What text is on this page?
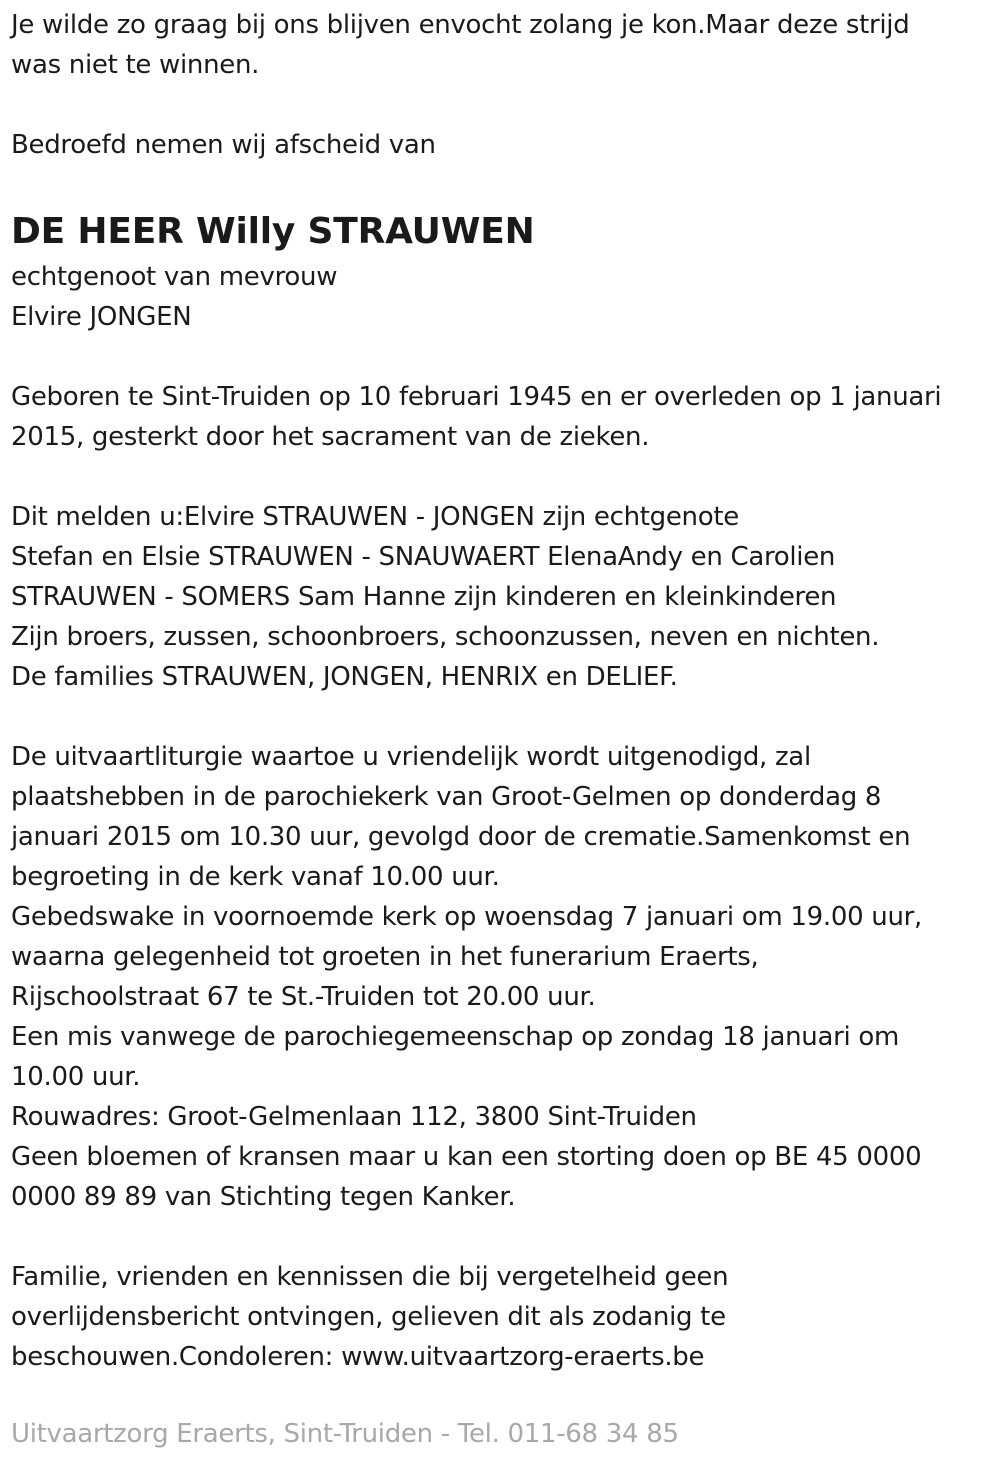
Je wilde zo graag bij ons blijven envocht zolang je kon.Maar deze strijd
was niet te winnen.
Bedroefd nemen wij afscheid van
DE HEER Willy STRAUWEN
echtgenoot van mevrouw
Elvire JONGEN
Geboren te Sint-Truiden op 10 februari 1945 en er overleden op 1 januari
2015, gesterkt door het sacrament van de zieken.
Dit melden u:Elvire STRAUWEN - JONGEN zijn echtgenote
Stefan en Elsie STRAUWEN - SNAUWAERT ElenaAndy en Carolien
STRAUWEN - SOMERS Sam Hanne zijn kinderen en kleinkinderen
Zijn broers, zussen, schoonbroers, schoonzussen, neven en nichten.
De families STRAUWEN, JONGEN, HENRIX en DELIEF.
De uitvaartliturgie waartoe u vriendelijk wordt uitgenodigd, zal
plaatshebben in de parochiekerk van Groot-Gelmen op donderdag 8
januari 2015 om 10.30 uur, gevolgd door de crematie.Samenkomst en
begroeting in de kerk vanaf 10.00 uur.
Gebedswake in voornoemde kerk op woensdag 7 januari om 19.00 uur,
waarna gelegenheid tot groeten in het funerarium Eraerts,
Rijschoolstraat 67 te St.-Truiden tot 20.00 uur.
Een mis vanwege de parochiegemeenschap op zondag 18 januari om
10.00 uur.
Rouwadres: Groot-Gelmenlaan 112, 3800 Sint-Truiden
Geen bloemen of kransen maar u kan een storting doen op BE 45 0000
0000 89 89 van Stichting tegen Kanker.
Familie, vrienden en kennissen die bij vergetelheid geen
overlijdensbericht ontvingen, gelieven dit als zodanig te
beschouwen.Condoleren: www.uitvaartzorg-eraerts.be
Uitvaartzorg Eraerts, Sint-Truiden - Tel. 011-68 34 85
